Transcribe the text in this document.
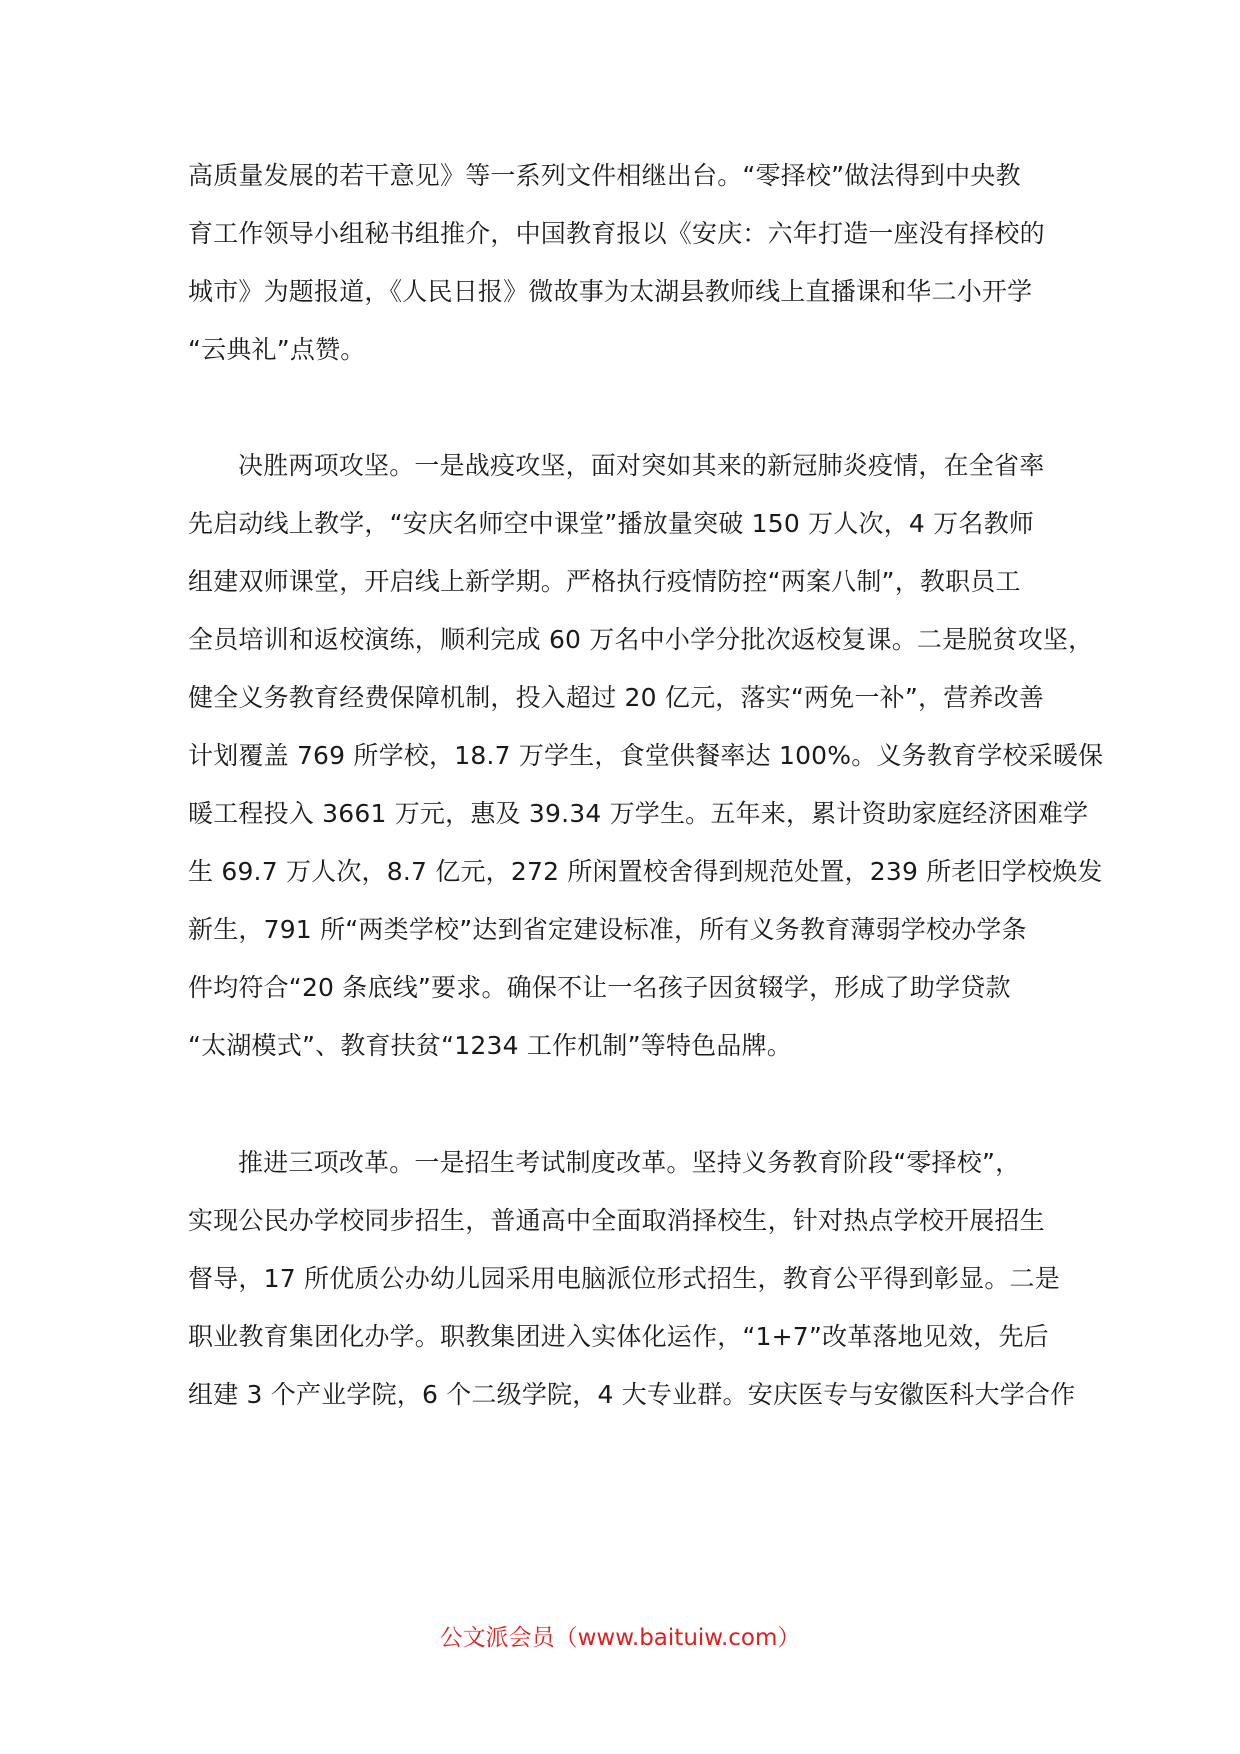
高质量发展的若干意见》等一系列文件相继出台。“零择校”做法得到中央教
育工作领导小组秘书组推介，中国教育报以《安庆：六年打造一座没有择校的
城市》为题报道，《人民日报》微故事为太湖县教师线上直播课和华二小开学
“云典礼”点赞。
决胜两项攻坚。一是战疫攻坚，面对突如其来的新冠肺炎疫情，在全省率
先启动线上教学，“安庆名师空中课堂”播放量突破 150 万人次，4 万名教师
组建双师课堂，开启线上新学期。严格执行疫情防控“两案八制”，教职员工
全员培训和返校演练，顺利完成 60 万名中小学分批次返校复课。二是脱贫攻坚，
健全义务教育经费保障机制，投入超过 20 亿元，落实“两免一补”，营养改善
计划覆盖 769 所学校，18.7 万学生，食堂供餐率达 100%。义务教育学校采暖保
暖工程投入 3661 万元，惠及 39.34 万学生。五年来，累计资助家庭经济困难学
生 69.7 万人次，8.7 亿元，272 所闲置校舍得到规范处置，239 所老旧学校焕发
新生，791 所“两类学校”达到省定建设标准，所有义务教育薄弱学校办学条
件均符合“20 条底线”要求。确保不让一名孩子因贫辍学，形成了助学贷款
“太湖模式”、教育扶贫“1234 工作机制”等特色品牌。
推进三项改革。一是招生考试制度改革。坚持义务教育阶段“零择校”，
实现公民办学校同步招生，普通高中全面取消择校生，针对热点学校开展招生
督导，17 所优质公办幼儿园采用电脑派位形式招生，教育公平得到彰显。二是
职业教育集团化办学。职教集团进入实体化运作，“1+7”改革落地见效，先后
组建 3 个产业学院，6 个二级学院，4 大专业群。安庆医专与安徽医科大学合作
公文派会员（www.baituiw.com）
